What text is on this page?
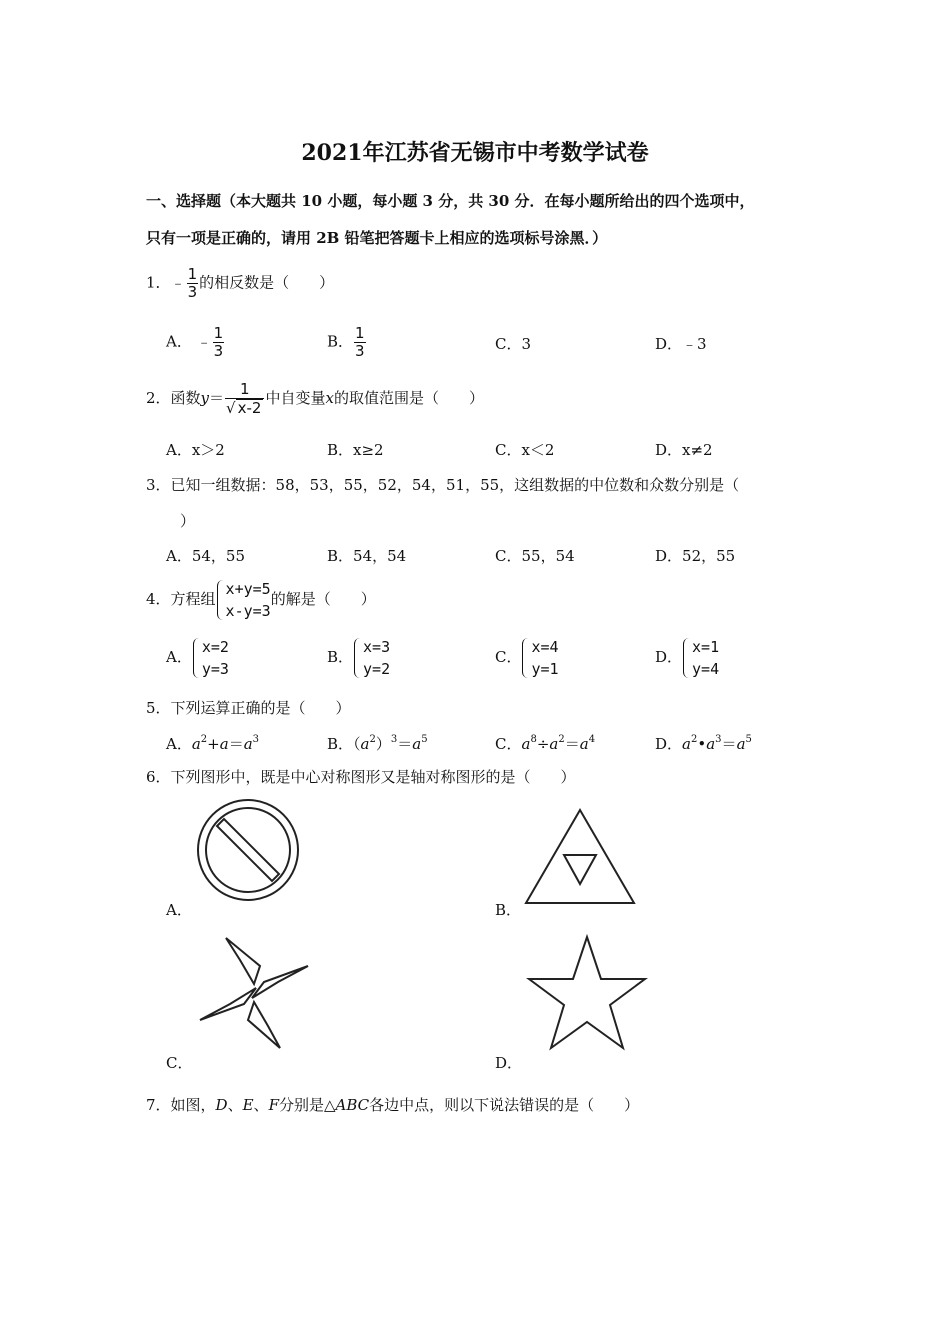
2021年江苏省无锡市中考数学试卷
一、选择题（本大题共 10 小题，每小题 3 分，共 30 分．在每小题所给出的四个选项中，
只有一项是正确的，请用 2B 铅笔把答题卡上相应的选项标号涂黑．）
1．﹣ $\frac{1}{3}$ 的相反数是（　　）
A． ﹣ $\frac{1}{3}$	B． $\frac{1}{3}$	C．3	D．﹣3
2．函数$y= \frac{1}{√ x-2}$ 中自变量x的取值范围是（　　）
A．x＞2	B．x≥2	C．x＜2	D．x≠2
3．已知一组数据：58，53，55，52，54，51，55，这组数据的中位数和众数分别是（
）
A．54，55	B．54，54	C．55，54	D．52，55
4．方程组
x+y=5
x-y=3
的解是（　　）
A．
x=2
y=3
B．
x=3
y=2
C．
x=4
y=1
D．
x=1
y=4
5．下列运算正确的是（　　）
A．$a^2+a=a^3$	B．$(a^2)^3=a^5$	C．$a^8\div a^2=a^4$	D．$a^2•a^3=a^5$
6．下列图形中，既是中心对称图形又是轴对称图形的是（　　）
A．	B．
C．	D．
7．如图，D、E、F分别是△ABC各边中点，则以下说法错误的是（　　）
